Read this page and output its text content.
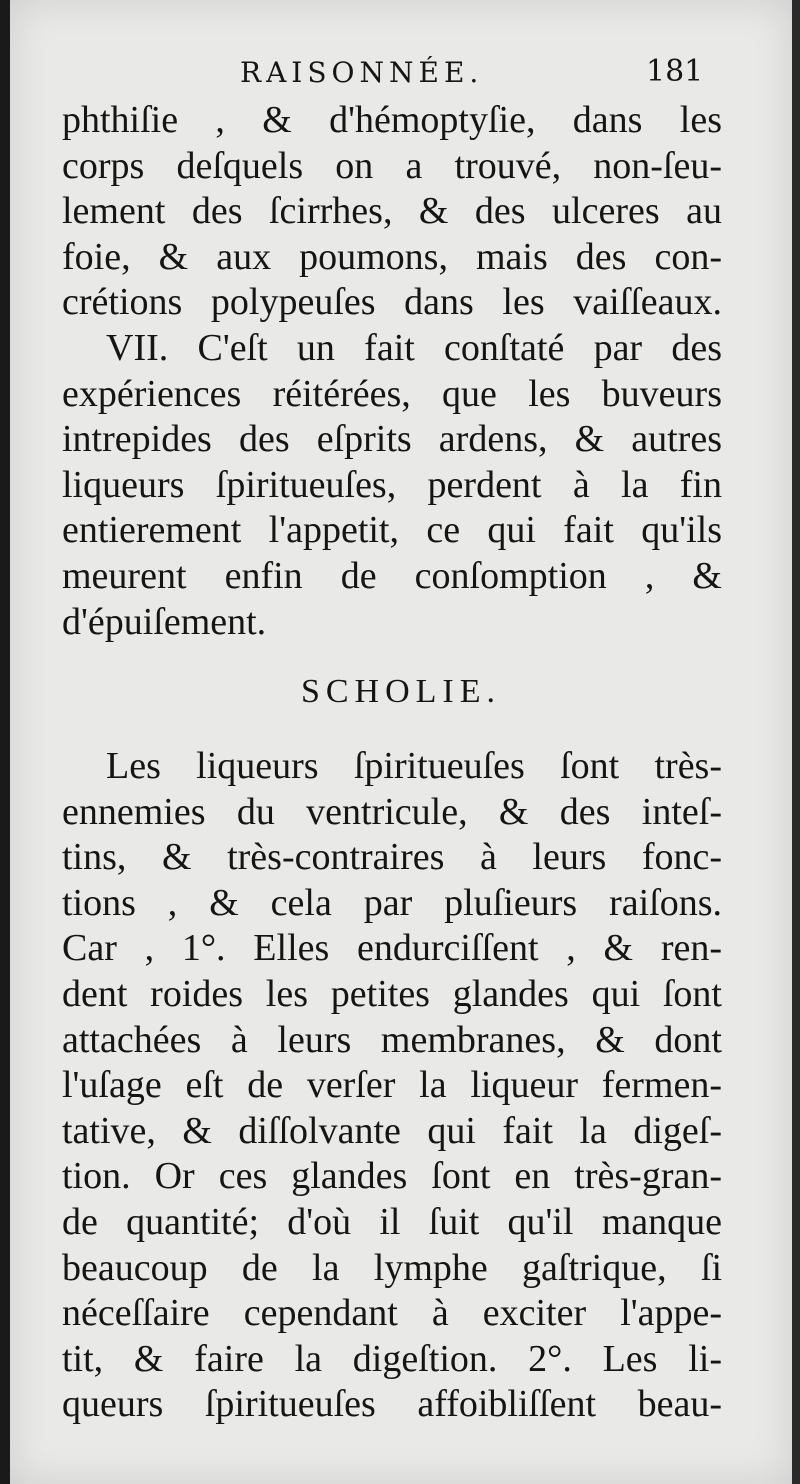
RAISONNÉE.	181
phthiſie , & d'hémoptyſie, dans les
corps deſquels on a trouvé, non-ſeu-
lement des ſcirrhes, & des ulceres au
foie, & aux poumons, mais des con-
crétions polypeuſes dans les vaiſſeaux.
VII. C'eſt un fait conſtaté par des
expériences réitérées, que les buveurs
intrepides des eſprits ardens, & autres
liqueurs ſpiritueuſes, perdent à la fin
entierement l'appetit, ce qui fait qu'ils
meurent enfin de conſomption , &
d'épuiſement.
SCHOLIE.
Les liqueurs ſpiritueuſes ſont très-
ennemies du ventricule, & des inteſ-
tins, & très-contraires à leurs fonc-
tions , & cela par pluſieurs raiſons.
Car , 1°. Elles endurciſſent , & ren-
dent roides les petites glandes qui ſont
attachées à leurs membranes, & dont
l'uſage eſt de verſer la liqueur fermen-
tative, & diſſolvante qui fait la digeſ-
tion. Or ces glandes ſont en très-gran-
de quantité; d'où il ſuit qu'il manque
beaucoup de la lymphe gaſtrique, ſi
néceſſaire cependant à exciter l'appe-
tit, & faire la digeſtion. 2°. Les li-
queurs ſpiritueuſes affoibliſſent beau-
